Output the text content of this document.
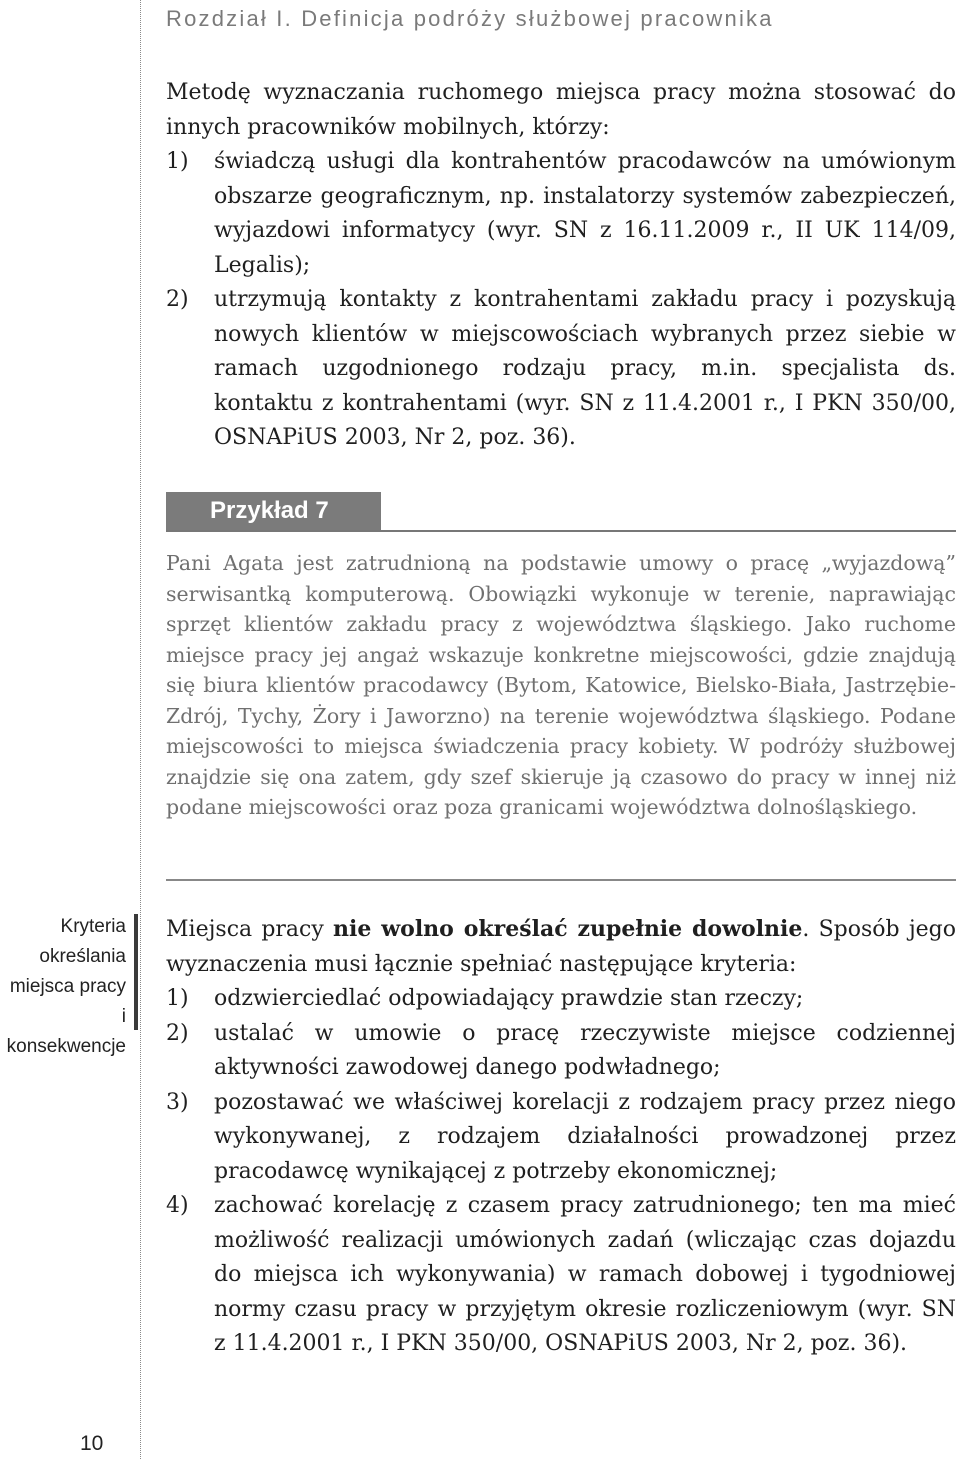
Rozdział I. Definicja podróży służbowej pracownika

Metodę wyznaczania ruchomego miejsca pracy można stosować do innych pracowników mobilnych, którzy:

1) świadczą usługi dla kontrahentów pracodawców na umówionym obszarze geograficznym, np. instalatorzy systemów zabezpieczeń, wyjazdowi informatycy (wyr. SN z 16.11.2009 r., II UK 114/09, Legalis);
2) utrzymują kontakty z kontrahentami zakładu pracy i pozyskują nowych klientów w miejscowościach wybranych przez siebie w ramach uzgodnionego rodzaju pracy, m.in. specjalista ds. kontaktu z kontrahentami (wyr. SN z 11.4.2001 r., I PKN 350/00, OSNAPiUS 2003, Nr 2, poz. 36).
Przykład 7

Pani Agata jest zatrudnioną na podstawie umowy o pracę „wyjazdową” serwisantką komputerową. Obowiązki wykonuje w terenie, naprawiając sprzęt klientów zakładu pracy z województwa śląskiego. Jako ruchome miejsce pracy jej angaż wskazuje konkretne miejscowości, gdzie znajdują się biura klientów pracodawcy (Bytom, Katowice, Bielsko-Biała, Jastrzębie-Zdrój, Tychy, Żory i Jaworzno) na terenie województwa śląskiego. Podane miejscowości to miejsca świadczenia pracy kobiety. W podróży służbowej znajdzie się ona zatem, gdy szef skieruje ją czasowo do pracy w innej niż podane miejscowości oraz poza granicami województwa dolnośląskiego.

Kryteria
określania
miejsca pracy
i konsekwencje

Miejsca pracy nie wolno określać zupełnie dowolnie. Sposób jego wyznaczenia musi łącznie spełniać następujące kryteria:

1) odzwierciedlać odpowiadający prawdzie stan rzeczy;
2) ustalać w umowie o pracę rzeczywiste miejsce codziennej aktywności zawodowej danego podwładnego;
3) pozostawać we właściwej korelacji z rodzajem pracy przez niego wykonywanej, z rodzajem działalności prowadzonej przez pracodawcę wynikającej z potrzeby ekonomicznej;
4) zachować korelację z czasem pracy zatrudnionego; ten ma mieć możliwość realizacji umówionych zadań (wliczając czas dojazdu do miejsca ich wykonywania) w ramach dobowej i tygodniowej normy czasu pracy w przyjętym okresie rozliczeniowym (wyr. SN z 11.4.2001 r., I PKN 350/00, OSNAPiUS 2003, Nr 2, poz. 36).
10
